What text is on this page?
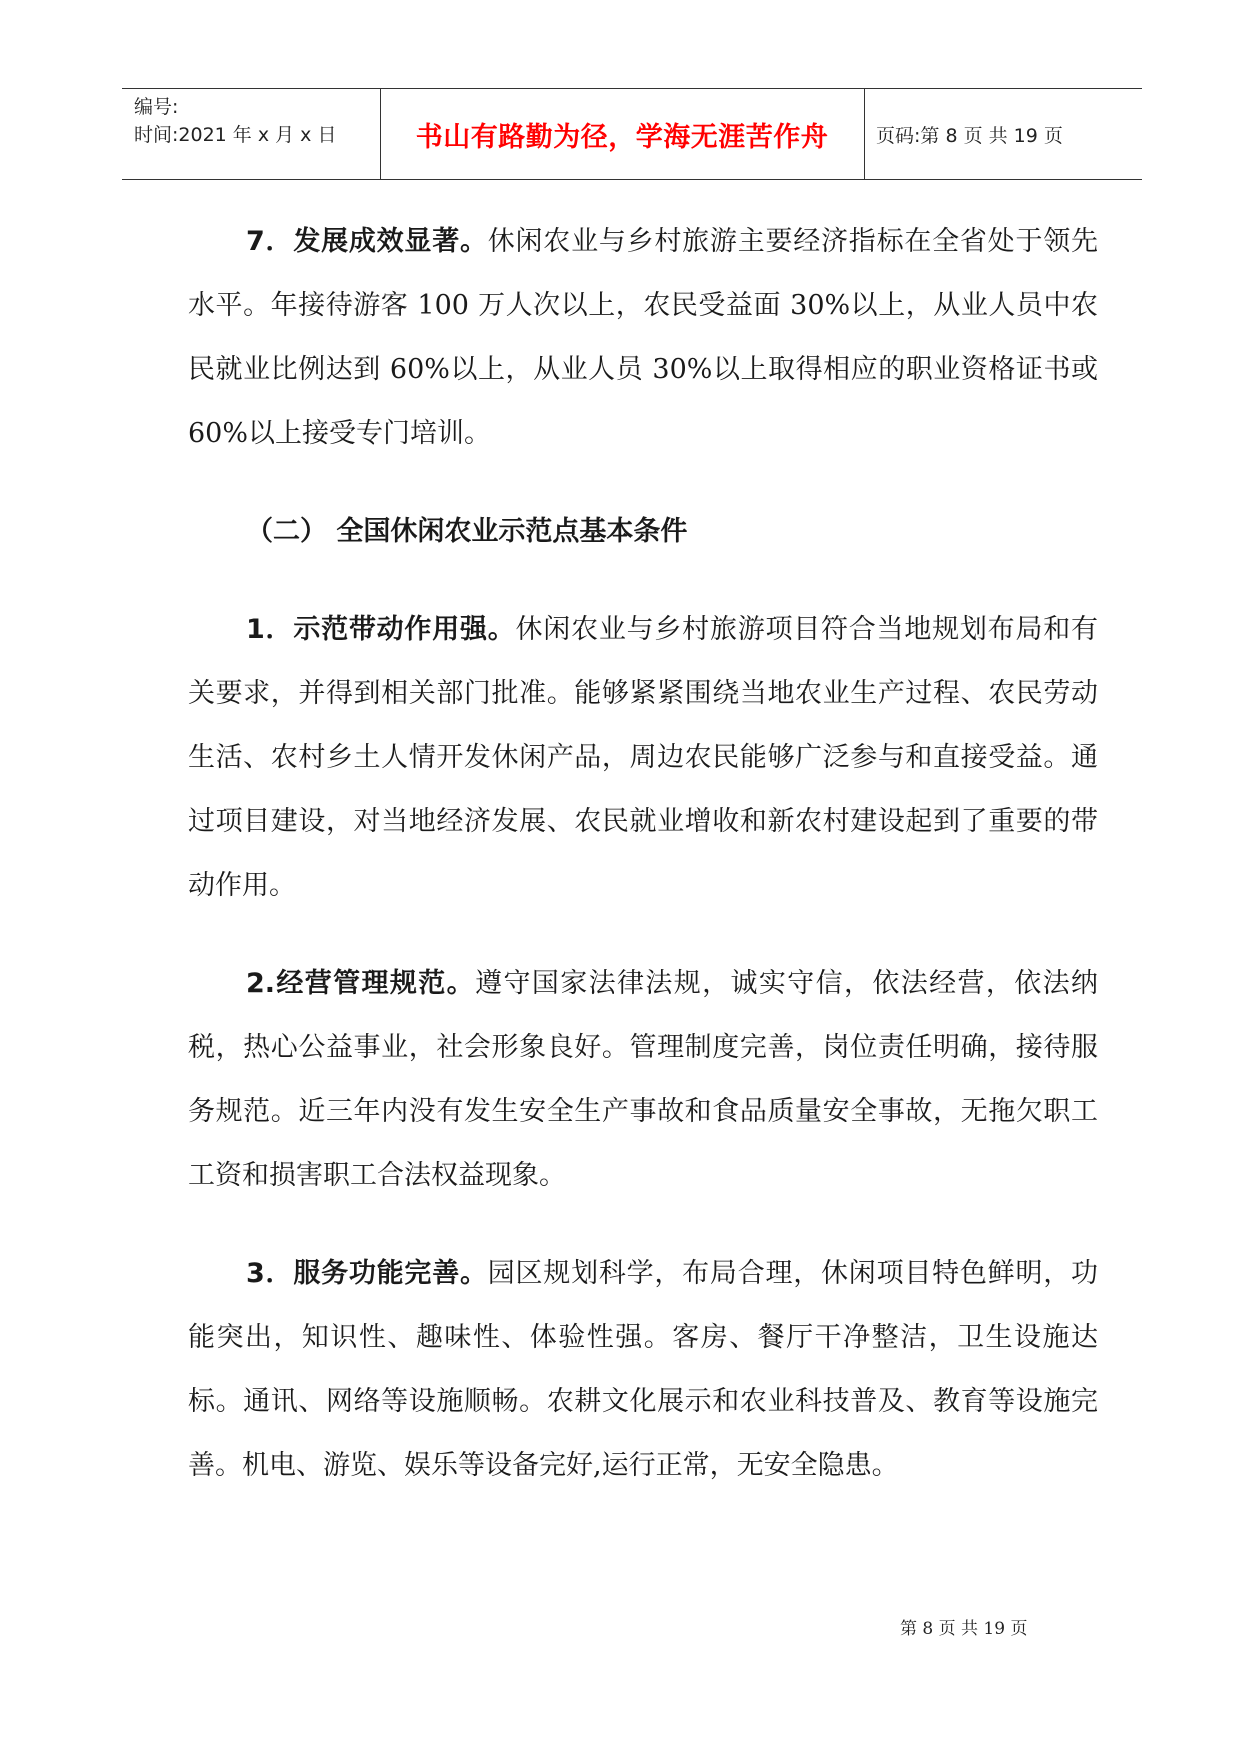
编号:
时间:2021 年 x 月 x 日	书山有路勤为径，学海无涯苦作舟	页码:第 8 页 共 19 页

7．发展成效显著。休闲农业与乡村旅游主要经济指标在全省处于领先水平。年接待游客 100 万人次以上，农民受益面 30%以上，从业人员中农民就业比例达到 60%以上，从业人员 30%以上取得相应的职业资格证书或 60%以上接受专门培训。

（二） 全国休闲农业示范点基本条件

1．示范带动作用强。休闲农业与乡村旅游项目符合当地规划布局和有关要求，并得到相关部门批准。能够紧紧围绕当地农业生产过程、农民劳动生活、农村乡土人情开发休闲产品，周边农民能够广泛参与和直接受益。通过项目建设，对当地经济发展、农民就业增收和新农村建设起到了重要的带动作用。

2.经营管理规范。遵守国家法律法规，诚实守信，依法经营，依法纳税，热心公益事业，社会形象良好。管理制度完善，岗位责任明确，接待服务规范。近三年内没有发生安全生产事故和食品质量安全事故，无拖欠职工工资和损害职工合法权益现象。

3．服务功能完善。园区规划科学，布局合理，休闲项目特色鲜明，功能突出，知识性、趣味性、体验性强。客房、餐厅干净整洁，卫生设施达标。通讯、网络等设施顺畅。农耕文化展示和农业科技普及、教育等设施完善。机电、游览、娱乐等设备完好,运行正常，无安全隐患。

第 8 页 共 19 页
